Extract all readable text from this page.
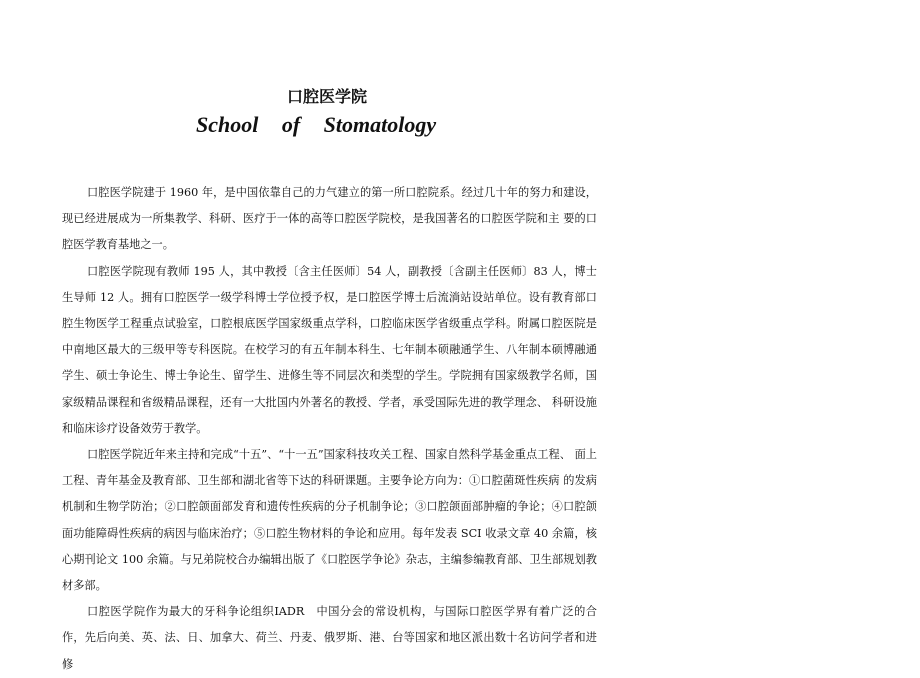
口腔医学院
School of Stomatology

口腔医学院建于 1960 年，是中国依靠自己的力气建立的第一所口腔院系。经过几十年的努力和建设，现已经进展成为一所集教学、科研、医疗于一体的高等口腔医学院校，是我国著名的口腔医学院和主 要的口腔医学教育基地之一。

口腔医学院现有教师 195 人，其中教授〔含主任医师〕54 人，副教授〔含副主任医师〕83 人，博士生导师 12 人。拥有口腔医学一级学科博士学位授予权，是口腔医学博士后流淌站设站单位。设有教育部口腔生物医学工程重点试验室，口腔根底医学国家级重点学科，口腔临床医学省级重点学科。附属口腔医院是中南地区最大的三级甲等专科医院。在校学习的有五年制本科生、七年制本硕融通学生、八年制本硕博融通学生、硕士争论生、博士争论生、留学生、进修生等不同层次和类型的学生。学院拥有国家级教学名师，国家级精品课程和省级精品课程，还有一大批国内外著名的教授、学者，承受国际先进的教学理念、 科研设施和临床诊疗设备效劳于教学。

口腔医学院近年来主持和完成“十五”、“十一五”国家科技攻关工程、国家自然科学基金重点工程、 面上工程、青年基金及教育部、卫生部和湖北省等下达的科研课题。主要争论方向为：①口腔菌斑性疾病 的发病机制和生物学防治；②口腔颌面部发育和遗传性疾病的分子机制争论；③口腔颌面部肿瘤的争论；④口腔颌面功能障碍性疾病的病因与临床治疗；⑤口腔生物材料的争论和应用。每年发表 SCI 收录文章 40 余篇，核心期刊论文 100 余篇。与兄弟院校合办编辑出版了《口腔医学争论》杂志，主编参编教育部、卫生部规划教材多部。

口腔医学院作为最大的牙科争论组织IADR　中国分会的常设机构，与国际口腔医学界有着广泛的合作，先后向美、英、法、日、加拿大、荷兰、丹麦、俄罗斯、港、台等国家和地区派出数十名访问学者和进修
